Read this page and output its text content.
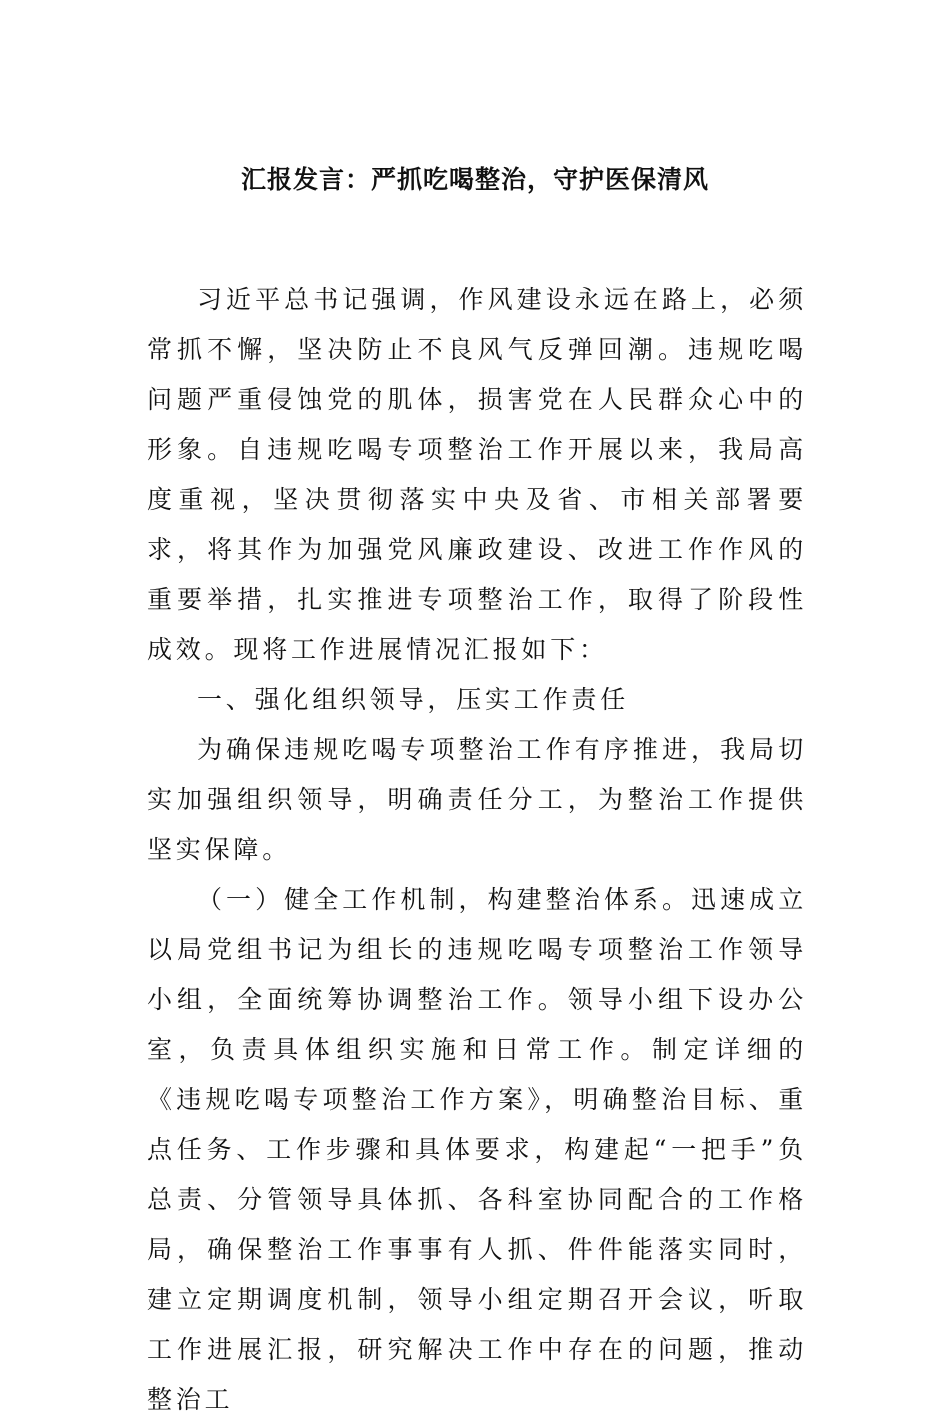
汇报发言：严抓吃喝整治，守护医保清风

习近平总书记强调，作风建设永远在路上，必须常抓不懈，坚决防止不良风气反弹回潮。违规吃喝问题严重侵蚀党的肌体，损害党在人民群众心中的形象。自违规吃喝专项整治工作开展以来，我局高度重视，坚决贯彻落实中央及省、市相关部署要求，将其作为加强党风廉政建设、改进工作作风的重要举措，扎实推进专项整治工作，取得了阶段性成效。现将工作进展情况汇报如下：

一、强化组织领导，压实工作责任

为确保违规吃喝专项整治工作有序推进，我局切实加强组织领导，明确责任分工，为整治工作提供坚实保障。

（一）健全工作机制，构建整治体系。迅速成立以局党组书记为组长的违规吃喝专项整治工作领导小组，全面统筹协调整治工作。领导小组下设办公室，负责具体组织实施和日常工作。制定详细的《违规吃喝专项整治工作方案》，明确整治目标、重点任务、工作步骤和具体要求，构建起“一把手”负总责、分管领导具体抓、各科室协同配合的工作格局，确保整治工作事事有人抓、件件能落实同时，建立定期调度机制，领导小组定期召开会议，听取工作进展汇报，研究解决工作中存在的问题，推动整治工
